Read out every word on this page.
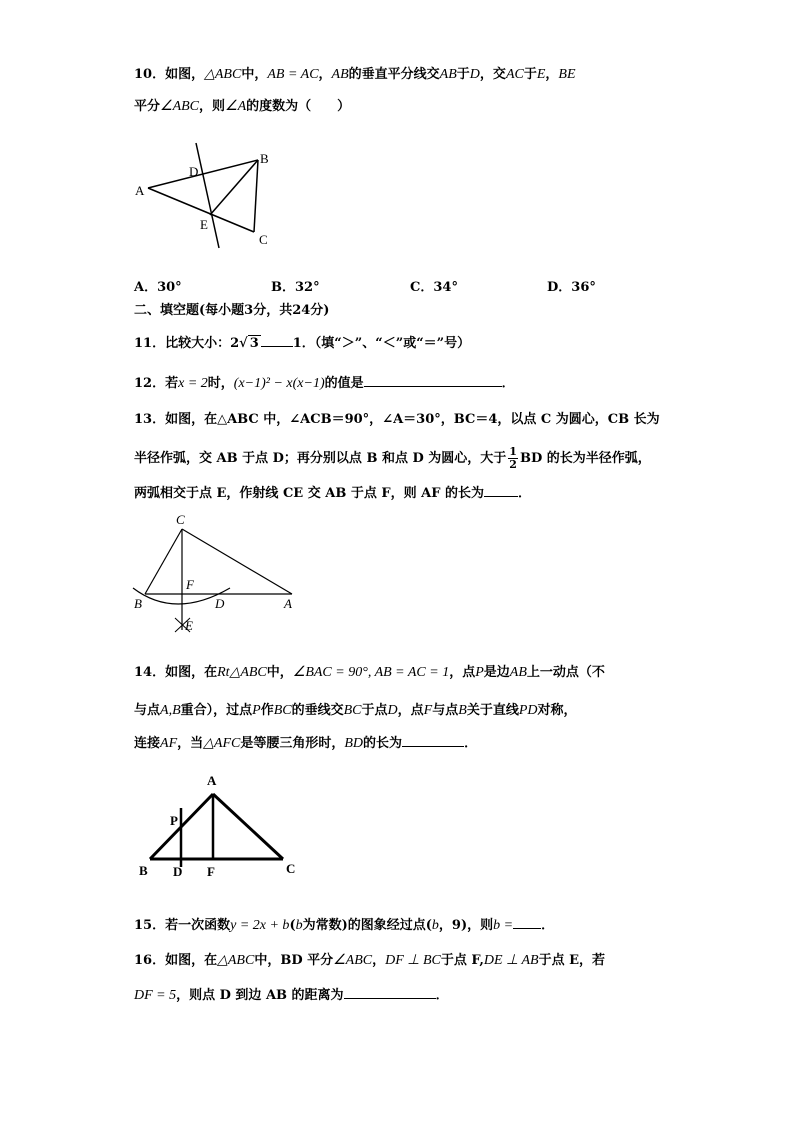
10．如图，△ABC中，AB = AC，AB的垂直平分线交AB于D，交AC于E，BE
平分∠ABC，则∠A的度数为（　　）
A
B
C
D
E
A．30°	B．32°	C．34°	D．36°
二、填空题(每小题3分，共24分)
11．比较大小：2√ 3	1．（填“＞”、“＜”或“＝”号）
12．若x = 2时，(x−1)² − x(x−1)的值是	．
13．如图，在△ABC 中，∠ACB＝90°，∠A＝30°，BC＝4，以点 C 为圆心，CB 长为
半径作弧，交 AB 于点 D；再分别以点 B 和点 D 为圆心，大于 $\frac{1}{2}$ BD 的长为半径作弧，
两弧相交于点 E，作射线 CE 交 AB 于点 F，则 AF 的长为	．
C
F
B	D	A
E
14．如图，在Rt△ABC中，∠BAC = 90°, AB = AC = 1，点P是边AB上一动点（不
与点A,B重合），过点P作BC的垂线交BC于点D，点F与点B关于直线PD对称，
连接AF，当△AFC是等腰三角形时，BD的长为	．
A
P
B D F	C
15．若一次函数y = 2x + b(b为常数)的图象经过点(b，9)，则b = ．
16．如图，在△ABC中，BD 平分∠ABC，DF ⊥ BC于点 F,DE ⊥ AB于点 E，若
DF = 5，则点 D 到边 AB 的距离为	．
